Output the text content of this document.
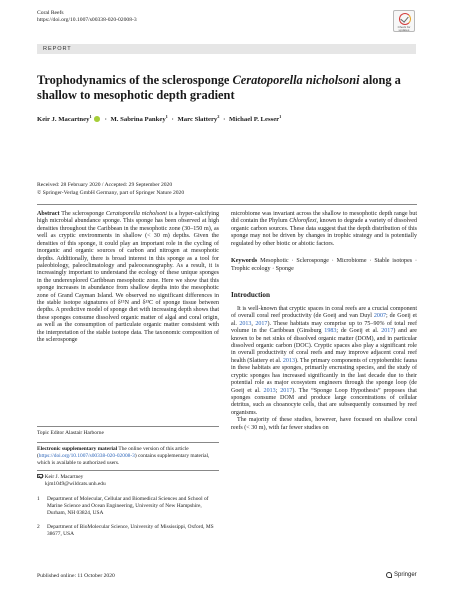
Coral Reefs
https://doi.org/10.1007/s00338-020-02008-3
Check for updates
REPORT
Trophodynamics of the sclerosponge Ceratoporella nicholsoni along a shallow to mesophotic depth gradient
Keir J. Macartney$^1$ · M. Sabrina Pankey$^1$ · Marc Slattery$^2$ · Michael P. Lesser$^1$
Received: 28 February 2020 / Accepted: 29 September 2020
© Springer-Verlag GmbH Germany, part of Springer Nature 2020
Abstract The sclerosponge Ceratoporella nicholsoni is a hyper-calcifying high microbial abundance sponge. This sponge has been observed at high densities throughout the Caribbean in the mesophotic zone (30–150 m), as well as cryptic environments in shallow (< 30 m) depths. Given the densities of this sponge, it could play an important role in the cycling of inorganic and organic sources of carbon and nitrogen at mesophotic depths. Additionally, there is broad interest in this sponge as a tool for paleobiology, paleoclimatology and paleoceanography. As a result, it is increasingly important to understand the ecology of these unique sponges in the underexplored Caribbean mesophotic zone. Here we show that this sponge increases in abundance from shallow depths into the mesophotic zone of Grand Cayman Island. We observed no significant differences in the stable isotope signatures of δ¹⁵N and δ¹³C of sponge tissue between depths. A predictive model of sponge diet with increasing depth shows that these sponges consume dissolved organic matter of algal and coral origin, as well as the consumption of particulate organic matter consistent with the interpretation of the stable isotope data. The taxonomic composition of the sclerosponge
microbiome was invariant across the shallow to mesophotic depth range but did contain the Phylum Chloroflexi, known to degrade a variety of dissolved organic carbon sources. These data suggest that the depth distribution of this sponge may not be driven by changes in trophic strategy and is potentially regulated by other biotic or abiotic factors.
Keywords Mesophotic · Sclerosponge · Microbiome · Stable isotopes · Trophic ecology · Sponge
Introduction

It is well-known that cryptic spaces in coral reefs are a crucial component of overall coral reef productivity (de Goeij and van Duyl 2007; de Goeij et al. 2013, 2017). These habitats may comprise up to 75–90% of total reef volume in the Caribbean (Ginsburg 1983; de Goeij et al. 2017) and are known to be net sinks of dissolved organic matter (DOM), and in particular dissolved organic carbon (DOC). Cryptic spaces also play a significant role in overall productivity of coral reefs and may improve adjacent coral reef health (Slattery et al. 2013). The primary components of cryptobenthic fauna in these habitats are sponges, primarily encrusting species, and the study of cryptic sponges has increased significantly in the last decade due to their potential role as major ecosystem engineers through the sponge loop (de Goeij et al. 2013; 2017). The “Sponge Loop Hypothesis” proposes that sponges consume DOM and produce large concentrations of cellular detritus, such as choanocyte cells, that are subsequently consumed by reef organisms.

The majority of these studies, however, have focused on shallow coral reefs (< 30 m), with far fewer studies on

Topic Editor Alastair Harborne
Electronic supplementary material The online version of this article (https://doi.org/10.1007/s00338-020-02008-3) contains supplementary material, which is available to authorized users.
Keir J. Macartney
kjm1049@wildcats.unh.edu
1	Department of Molecular, Cellular and Biomedical Sciences and School of Marine Science and Ocean Engineering, University of New Hampshire, Durham, NH 03824, USA
2	Department of BioMolecular Science, University of Mississippi, Oxford, MS 38677, USA
Published online: 11 October 2020	Springer
